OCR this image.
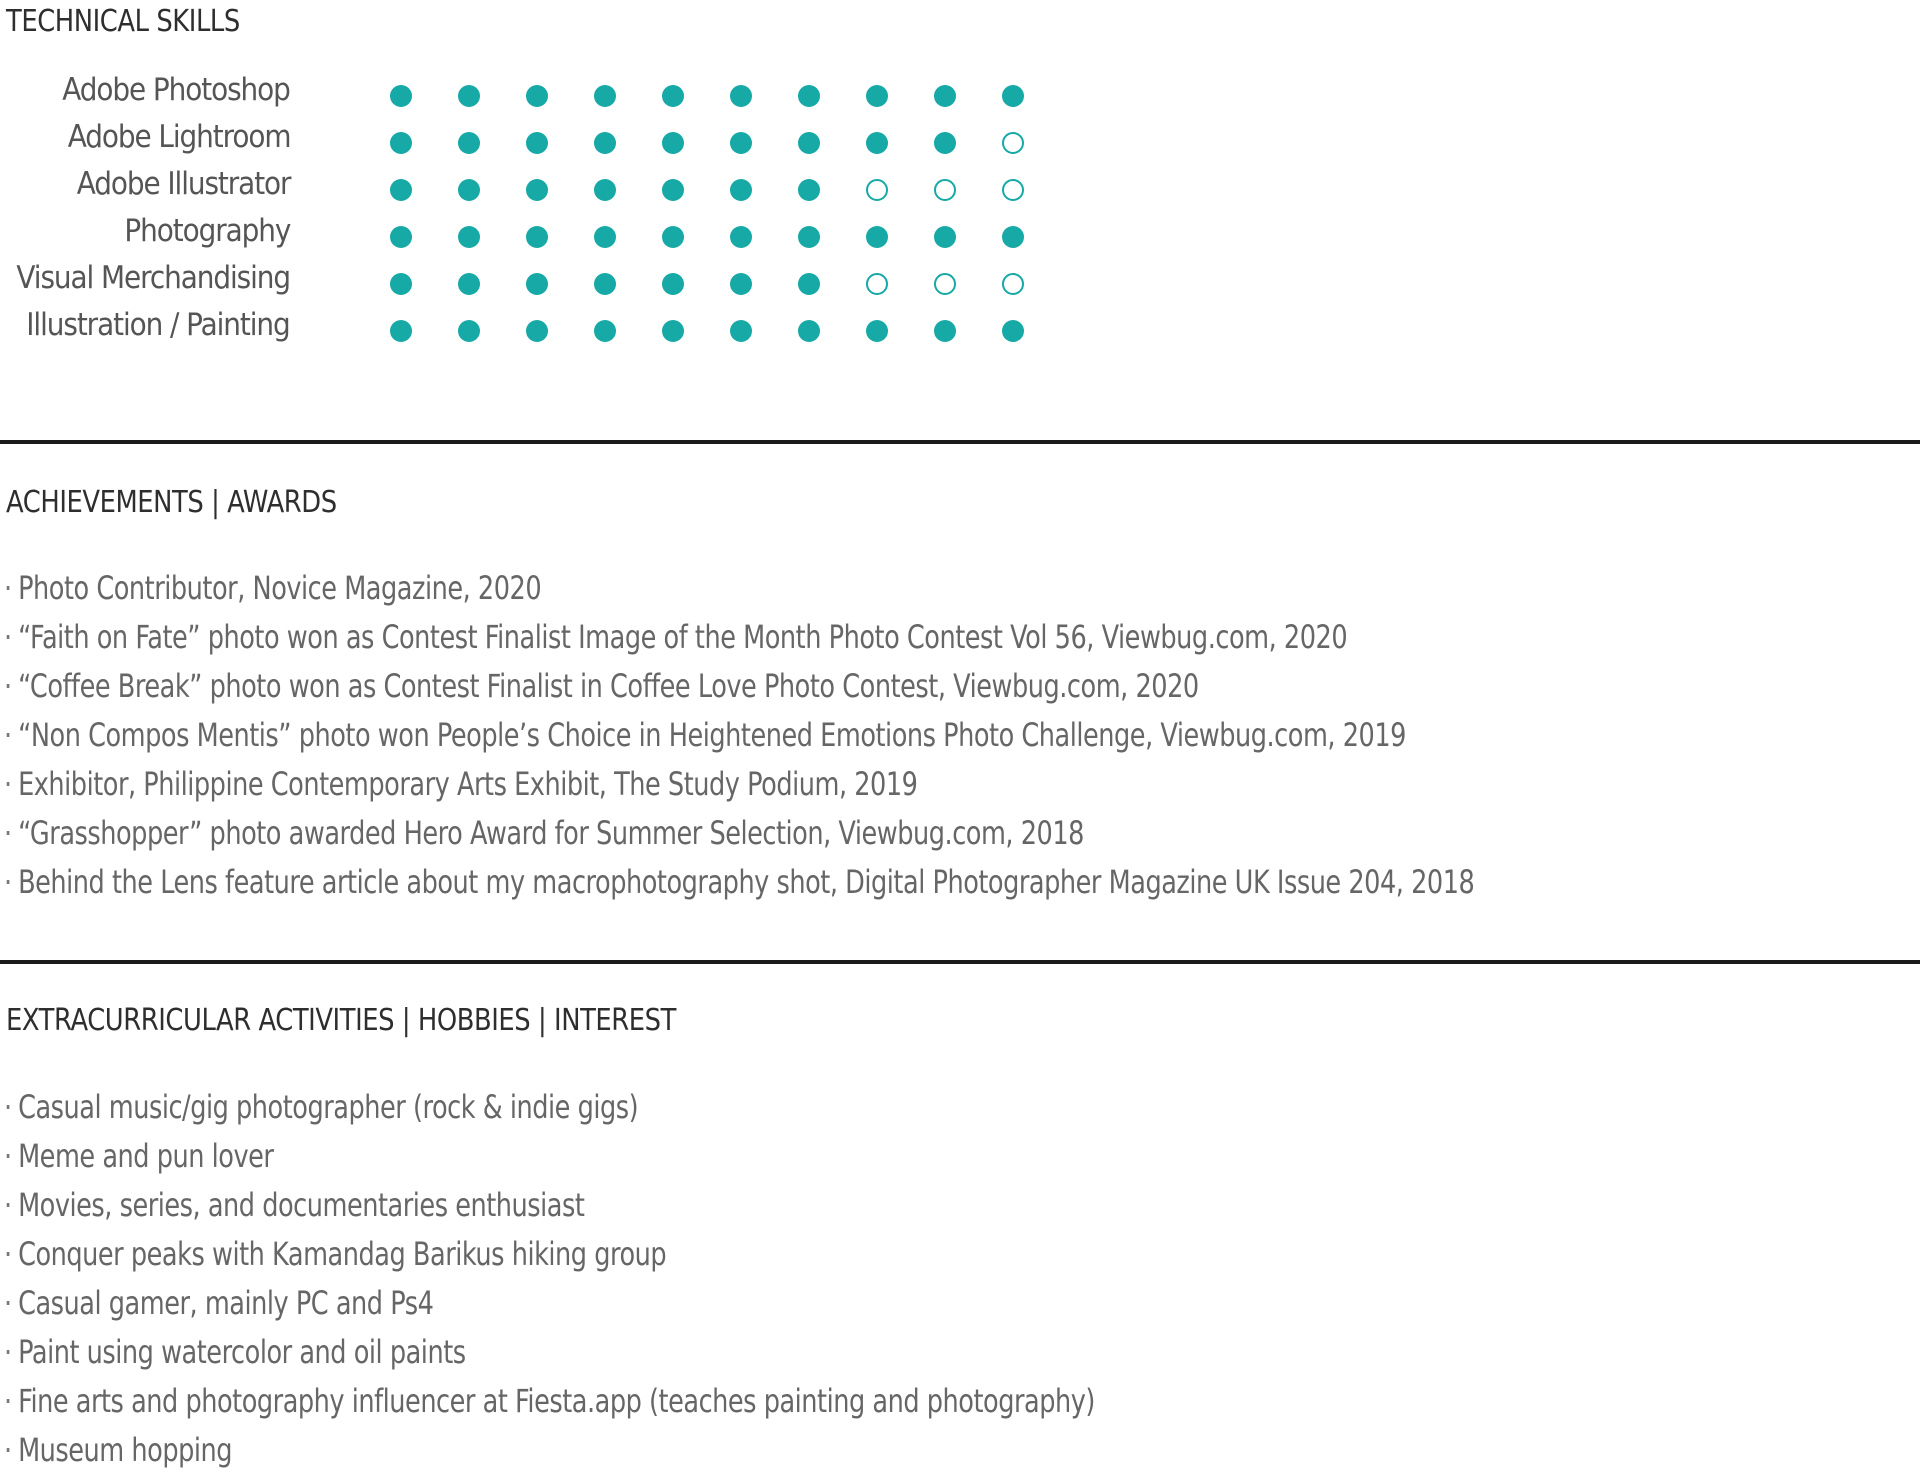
TECHNICAL SKILLS
Adobe Photoshop
Adobe Lightroom
Adobe Illustrator
Photography
Visual Merchandising
Illustration / Painting
ACHIEVEMENTS | AWARDS
· Photo Contributor, Novice Magazine, 2020
· “Faith on Fate” photo won as Contest Finalist Image of the Month Photo Contest Vol 56, Viewbug.com, 2020
· “Coffee Break” photo won as Contest Finalist in Coffee Love Photo Contest, Viewbug.com, 2020
· “Non Compos Mentis” photo won People’s Choice in Heightened Emotions Photo Challenge, Viewbug.com, 2019
· Exhibitor, Philippine Contemporary Arts Exhibit, The Study Podium, 2019
· “Grasshopper” photo awarded Hero Award for Summer Selection, Viewbug.com, 2018
· Behind the Lens feature article about my macrophotography shot, Digital Photographer Magazine UK Issue 204, 2018
EXTRACURRICULAR ACTIVITIES | HOBBIES | INTEREST
· Casual music/gig photographer (rock & indie gigs)
· Meme and pun lover
· Movies, series, and documentaries enthusiast
· Conquer peaks with Kamandag Barikus hiking group
· Casual gamer, mainly PC and Ps4
· Paint using watercolor and oil paints
· Fine arts and photography influencer at Fiesta.app (teaches painting and photography)
· Museum hopping
